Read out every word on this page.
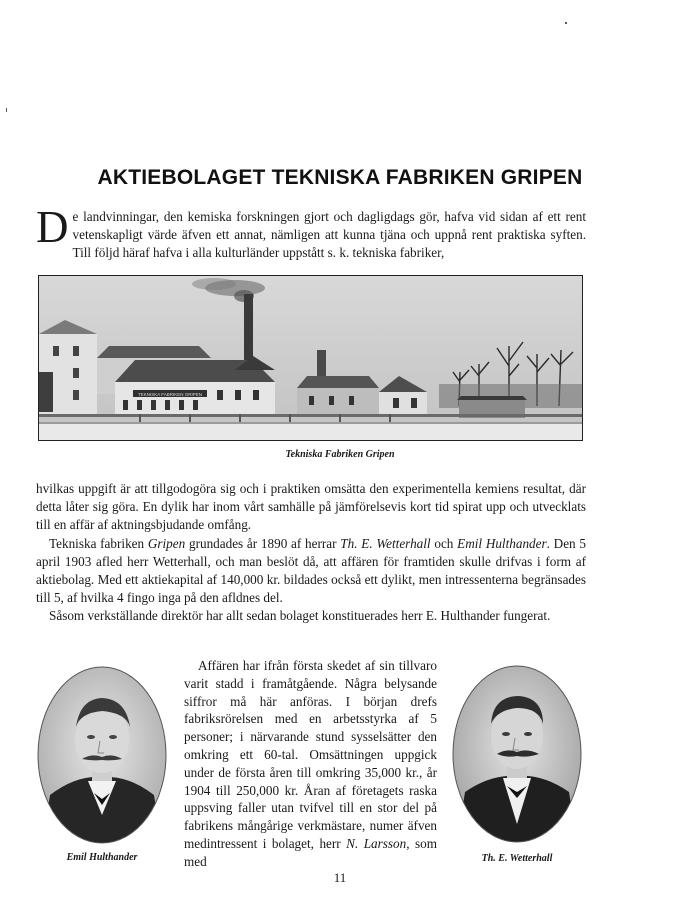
AKTIEBOLAGET TEKNISKA FABRIKEN GRIPEN

De landvinningar, den kemiska forskningen gjort och dagligdags gör, hafva vid sidan af ett rent vetenskapligt värde äfven ett annat, nämligen att kunna tjäna och uppnå rent praktiska syften. Till följd häraf hafva i alla kulturländer uppstått s. k. tekniska fabriker,

TEKNISKA FABRIKEN GRIPEN

Tekniska Fabriken Gripen

hvilkas uppgift är att tillgodogöra sig och i praktiken omsätta den experimentella kemiens resultat, där detta låter sig göra. En dylik har inom vårt samhälle på jämförelsevis kort tid spirat upp och utvecklats till en affär af aktningsbjudande omfång.

Tekniska fabriken Gripen grundades år 1890 af herrar Th. E. Wetterhall och Emil Hulthander. Den 5 april 1903 afled herr Wetterhall, och man beslöt då, att affären för framtiden skulle drifvas i form af aktiebolag. Med ett aktiekapital af 140,000 kr. bildades också ett dylikt, men intressenterna begränsades till 5, af hvilka 4 fingo inga på den afldnes del.

Såsom verkställande direktör har allt sedan bolaget konstituerades herr E. Hulthander fungerat.

Affären har ifrån första skedet af sin tillvaro varit stadd i framåtgående. Några belysande siffror må här anföras. I början drefs fabriksrörelsen med en arbetsstyrka af 5 personer; i närvarande stund sysselsätter den omkring ett 60-tal. Omsättningen uppgick under de första åren till omkring 35,000 kr., år 1904 till 250,000 kr. Åran af företagets raska uppsving faller utan tvifvel till en stor del på fabrikens mångårige verkmästare, numer äfven medintressent i bolaget, herr N. Larsson, som med

Emil Hulthander	Th. E. Wetterhall

11
